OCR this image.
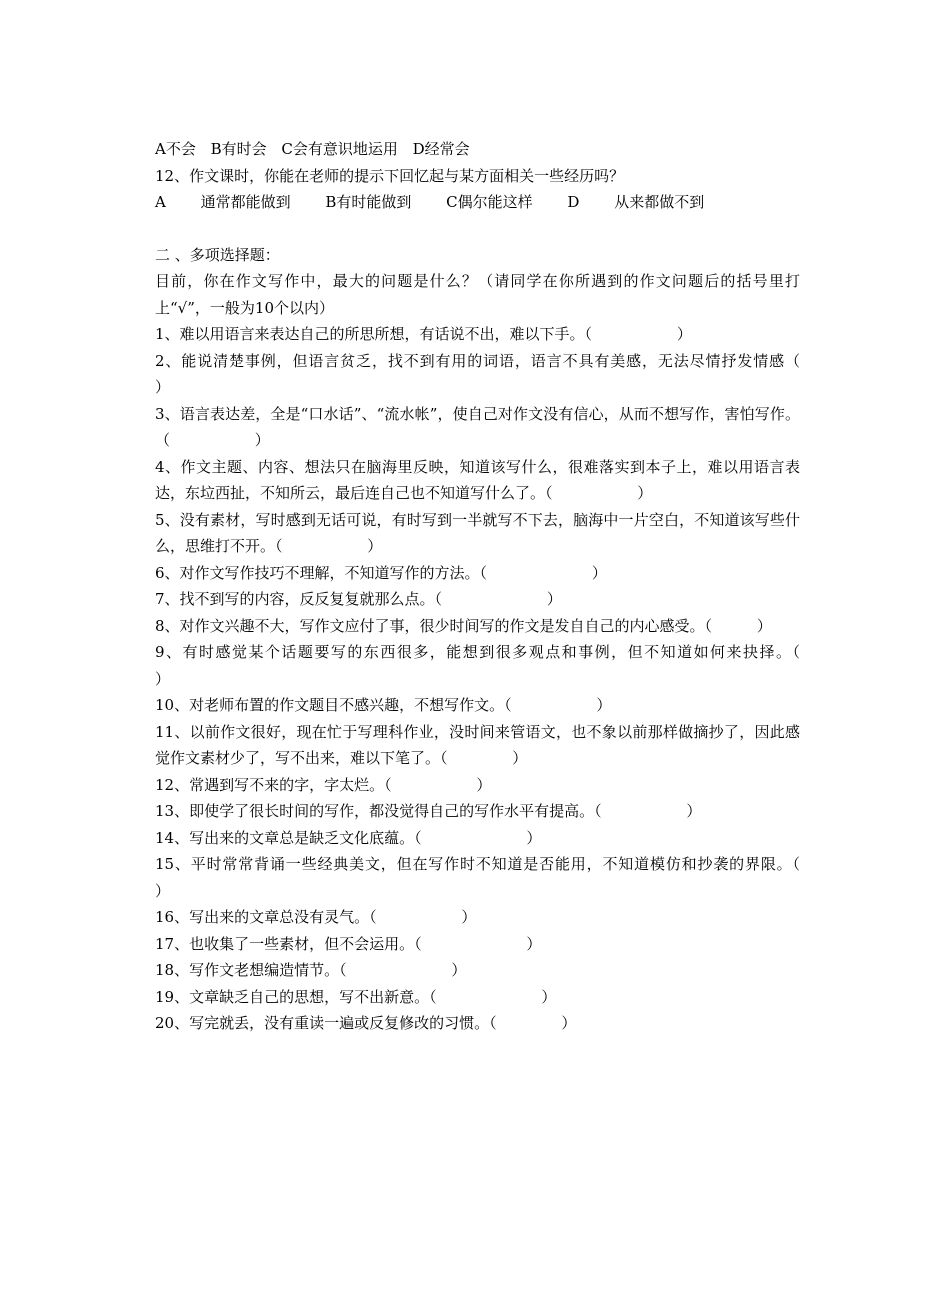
A不会 B有时会 C会有意识地运用 D经常会
12、作文课时，你能在老师的提示下回忆起与某方面相关一些经历吗？
A 通常都能做到 B有时能做到 C偶尔能这样 D 从来都做不到
二 、多项选择题：
目前，你在作文写作中，最大的问题是什么？（请同学在你所遇到的作文问题后的括号里打上“√”，一般为10个以内）
1、难以用语言来表达自己的所思所想，有话说不出，难以下手。（ ）
2、能说清楚事例，但语言贫乏，找不到有用的词语，语言不具有美感，无法尽情抒发情感（ ）
3、语言表达差，全是“口水话”、“流水帐”，使自己对作文没有信心，从而不想写作，害怕写作。（ ）
4、作文主题、内容、想法只在脑海里反映，知道该写什么，很难落实到本子上，难以用语言表达，东垃西扯，不知所云，最后连自己也不知道写什么了。（ ）
5、没有素材，写时感到无话可说，有时写到一半就写不下去，脑海中一片空白，不知道该写些什么，思维打不开。（ ）
6、对作文写作技巧不理解，不知道写作的方法。（ ）
7、找不到写的内容，反反复复就那么点。（ ）
8、对作文兴趣不大，写作文应付了事，很少时间写的作文是发自自己的内心感受。（ ）
9、有时感觉某个话题要写的东西很多，能想到很多观点和事例，但不知道如何来抉择。（ ）
10、对老师布置的作文题目不感兴趣，不想写作文。（ ）
11、以前作文很好，现在忙于写理科作业，没时间来管语文，也不象以前那样做摘抄了，因此感觉作文素材少了，写不出来，难以下笔了。（ ）
12、常遇到写不来的字，字太烂。（ ）
13、即使学了很长时间的写作，都没觉得自己的写作水平有提高。（ ）
14、写出来的文章总是缺乏文化底蕴。（ ）
15、平时常常背诵一些经典美文，但在写作时不知道是否能用，不知道模仿和抄袭的界限。（ ）
16、写出来的文章总没有灵气。（ ）
17、也收集了一些素材，但不会运用。（ ）
18、写作文老想编造情节。（ ）
19、文章缺乏自己的思想，写不出新意。（ ）
20、写完就丢，没有重读一遍或反复修改的习惯。（ ）
